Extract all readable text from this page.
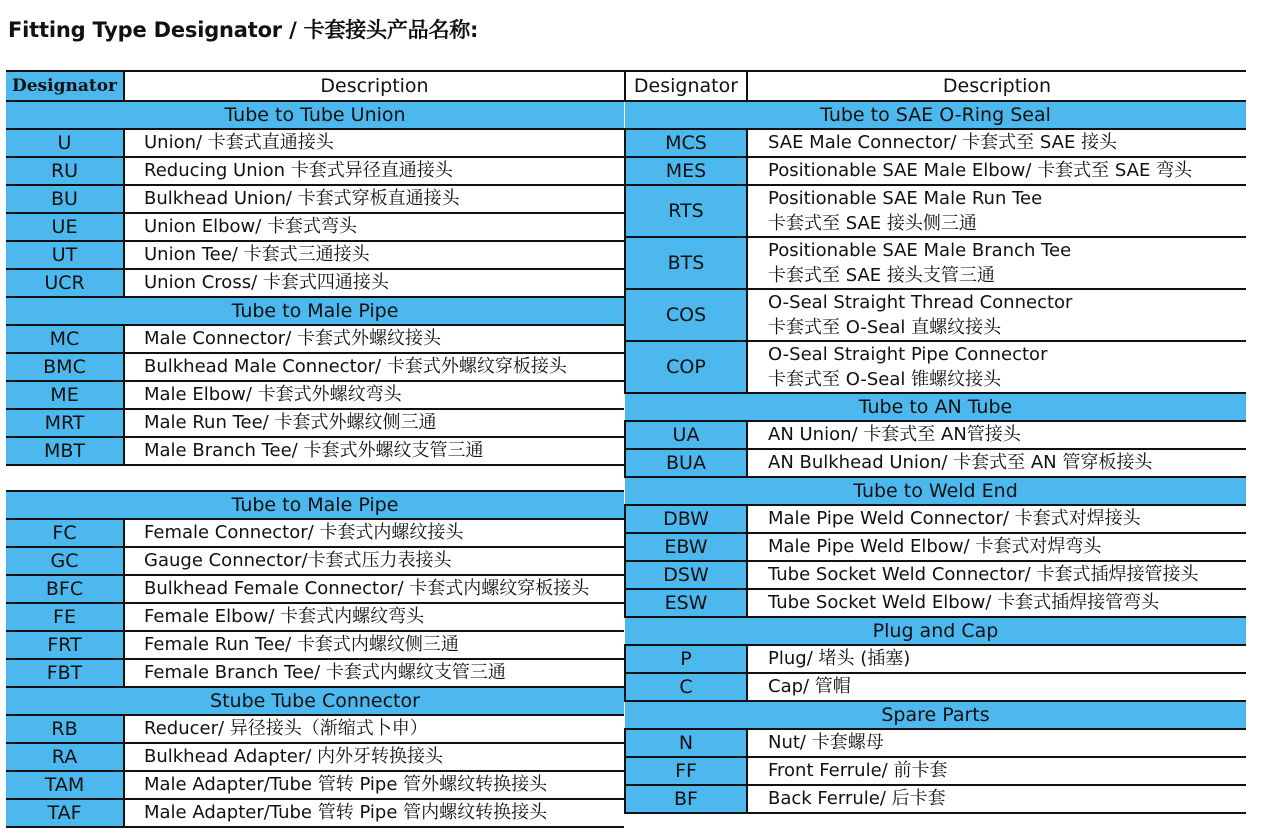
Fitting Type Designator / 卡套接头产品名称:
Designator	Description
Tube to Tube Union	
U	Union/ 卡套式直通接头
RU	Reducing Union 卡套式异径直通接头
BU	Bulkhead Union/ 卡套式穿板直通接头
UE	Union Elbow/ 卡套式弯头
UT	Union Tee/ 卡套式三通接头
UCR	Union Cross/ 卡套式四通接头
Tube to Male Pipe	
MC	Male Connector/ 卡套式外螺纹接头
BMC	Bulkhead Male Connector/ 卡套式外螺纹穿板接头
ME	Male Elbow/ 卡套式外螺纹弯头
MRT	Male Run Tee/ 卡套式外螺纹侧三通
MBT	Male Branch Tee/ 卡套式外螺纹支管三通

Tube to Male Pipe	
FC	Female Connector/ 卡套式内螺纹接头
GC	Gauge Connector/卡套式压力表接头
BFC	Bulkhead Female Connector/ 卡套式内螺纹穿板接头
FE	Female Elbow/ 卡套式内螺纹弯头
FRT	Female Run Tee/ 卡套式内螺纹侧三通
FBT	Female Branch Tee/ 卡套式内螺纹支管三通
Stube Tube Connector	
RB	Reducer/ 异径接头（渐缩式卜申）
RA	Bulkhead Adapter/ 内外牙转换接头
TAM	Male Adapter/Tube 管转 Pipe 管外螺纹转换接头
TAF	Male Adapter/Tube 管转 Pipe 管内螺纹转换接头
Designator	Description
Tube to SAE O-Ring Seal	
MCS	SAE Male Connector/ 卡套式至 SAE 接头
MES	Positionable SAE Male Elbow/ 卡套式至 SAE 弯头
RTS	Positionable SAE Male Run Tee
卡套式至 SAE 接头侧三通

BTS	Positionable SAE Male Branch Tee
卡套式至 SAE 接头支管三通

COS	O-Seal Straight Thread Connector
卡套式至 O-Seal 直螺纹接头

COP	O-Seal Straight Pipe Connector
卡套式至 O-Seal 锥螺纹接头

Tube to AN Tube	
UA	AN Union/ 卡套式至 AN管接头
BUA	AN Bulkhead Union/ 卡套式至 AN 管穿板接头
Tube to Weld End	
DBW	Male Pipe Weld Connector/ 卡套式对焊接头
EBW	Male Pipe Weld Elbow/ 卡套式对焊弯头
DSW	Tube Socket Weld Connector/ 卡套式插焊接管接头
ESW	Tube Socket Weld Elbow/ 卡套式插焊接管弯头
Plug and Cap	
P	Plug/ 堵头 (插塞)
C	Cap/ 管帽
Spare Parts	
N	Nut/ 卡套螺母
FF	Front Ferrule/ 前卡套
BF	Back Ferrule/ 后卡套
